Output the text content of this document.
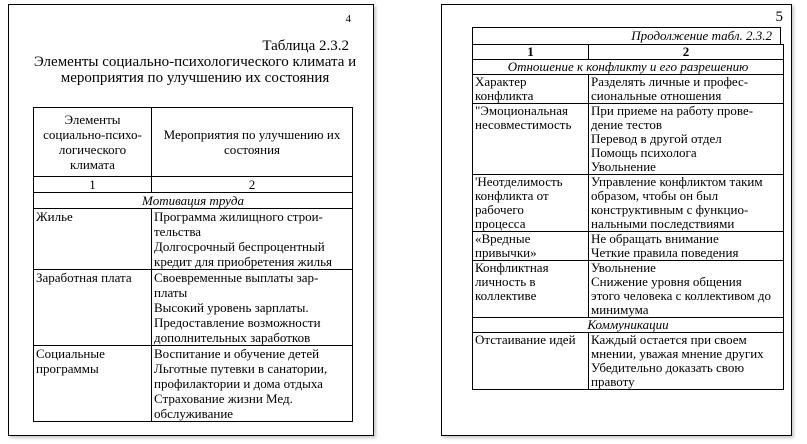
4
Таблица 2.3.2
Элементы социально-психологического климата и
мероприятия по улучшению их состояния
Элементы
социально-психо-
логического
климата	Мероприятия по улучшению их
состояния

1	2
Мотивация труда	

Жилье	Программа жилищного строи-
тельства
Долгосрочный беспроцентный
кредит для приобретения жилья

Заработная плата	Своевременные выплаты зар-
платы
Высокий уровень зарплаты.
Предоставление возможности
дополнительных заработков

Социальные
программы	Воспитание и обучение детей
Льготные путевки в санатории,
профилактории и дома отдыха
Страхование жизни Мед.
обслуживание
5
Продолжение табл. 2.3.2
1	2
Отношение к конфликту и его разрешению	

Характер
конфликта	Разделять личные и профес-
сиональные отношения

"Эмоциональная
несовместимость	При приеме на работу прове-
дение тестов
Перевод в другой отдел
Помощь психолога
Увольнение

'Неотделимость
конфликта от
рабочего
процесса	Управление конфликтом таким
образом, чтобы он был
конструктивным с функцио-
нальными последствиями

«Вредные
привычки»	Не обращать внимание
Четкие правила поведения

Конфликтная
личность в
коллективе	Увольнение
Снижение уровня общения
этого человека с коллективом до
минимума

Коммуникации	

Отстаивание идей	Каждый остается при своем
мнении, уважая мнение других
Убедительно доказать свою
правоту
